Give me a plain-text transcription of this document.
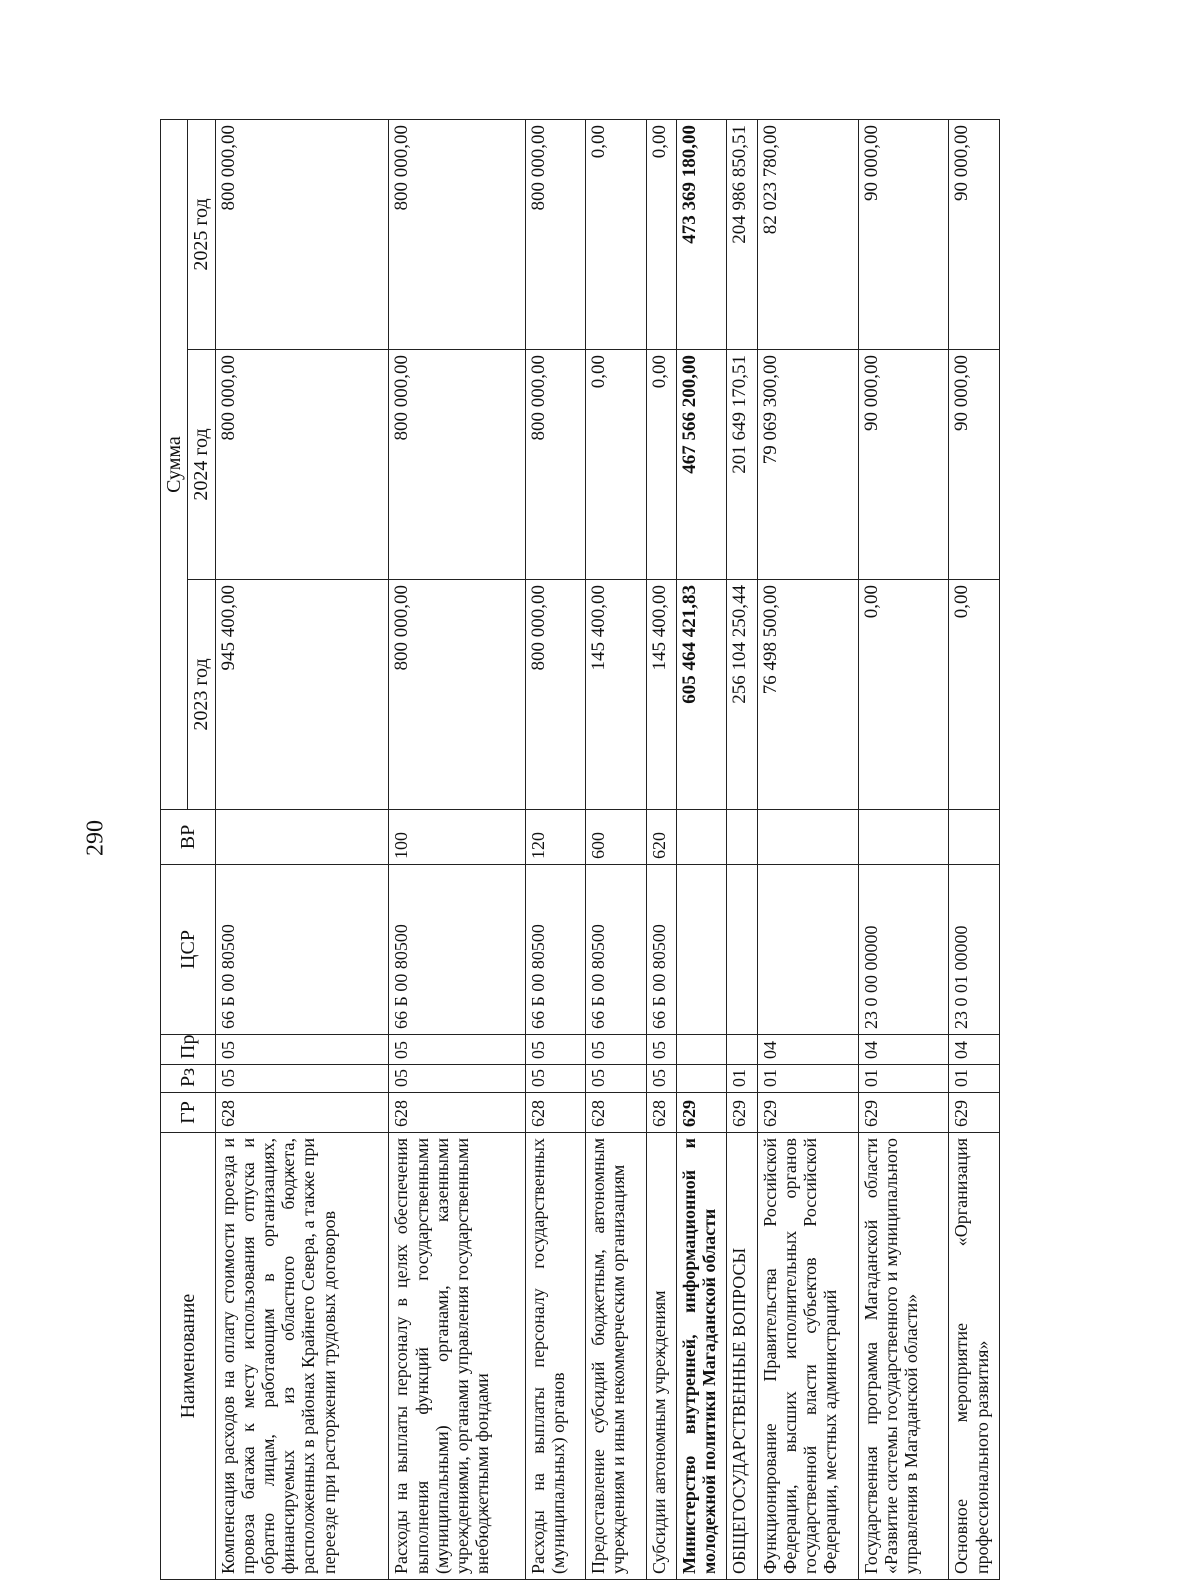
290
Наименование	ГР	Рз	Пр	ЦСР	ВР	Сумма		
						2023 год	2024 год	2025 год
Компенсация расходов на оплату стоимости проезда и провоза багажа к месту использования отпуска и обратно лицам, работающим в организациях, финансируемых из областного бюджета, расположенных в районах Крайнего Севера, а также при переезде при расторжении трудовых договоров	628	05	05	66 Б 00 80500		945 400,00	800 000,00	800 000,00
Расходы на выплаты персоналу в целях обеспечения выполнения функций государственными (муниципальными) органами, казенными учреждениями, органами управления государственными внебюджетными фондами	628	05	05	66 Б 00 80500	100	800 000,00	800 000,00	800 000,00
Расходы на выплаты персоналу государственных (муниципальных) органов	628	05	05	66 Б 00 80500	120	800 000,00	800 000,00	800 000,00
Предоставление субсидий бюджетным, автономным учреждениям и иным некоммерческим организациям	628	05	05	66 Б 00 80500	600	145 400,00	0,00	0,00
Субсидии автономным учреждениям	628	05	05	66 Б 00 80500	620	145 400,00	0,00	0,00
Министерство внутренней, информационной и молодежной политики Магаданской области	629					605 464 421,83	467 566 200,00	473 369 180,00
ОБЩЕГОСУДАРСТВЕННЫЕ ВОПРОСЫ	629	01				256 104 250,44	201 649 170,51	204 986 850,51
Функционирование Правительства Российской Федерации, высших исполнительных органов государственной власти субъектов Российской Федерации, местных администраций	629	01	04			76 498 500,00	79 069 300,00	82 023 780,00
Государственная программа Магаданской области «Развитие системы государственного и муниципального управления в Магаданской области»	629	01	04	23 0 00 00000		0,00	90 000,00	90 000,00
Основное мероприятие «Организация профессионального развития»	629	01	04	23 0 01 00000		0,00	90 000,00	90 000,00
